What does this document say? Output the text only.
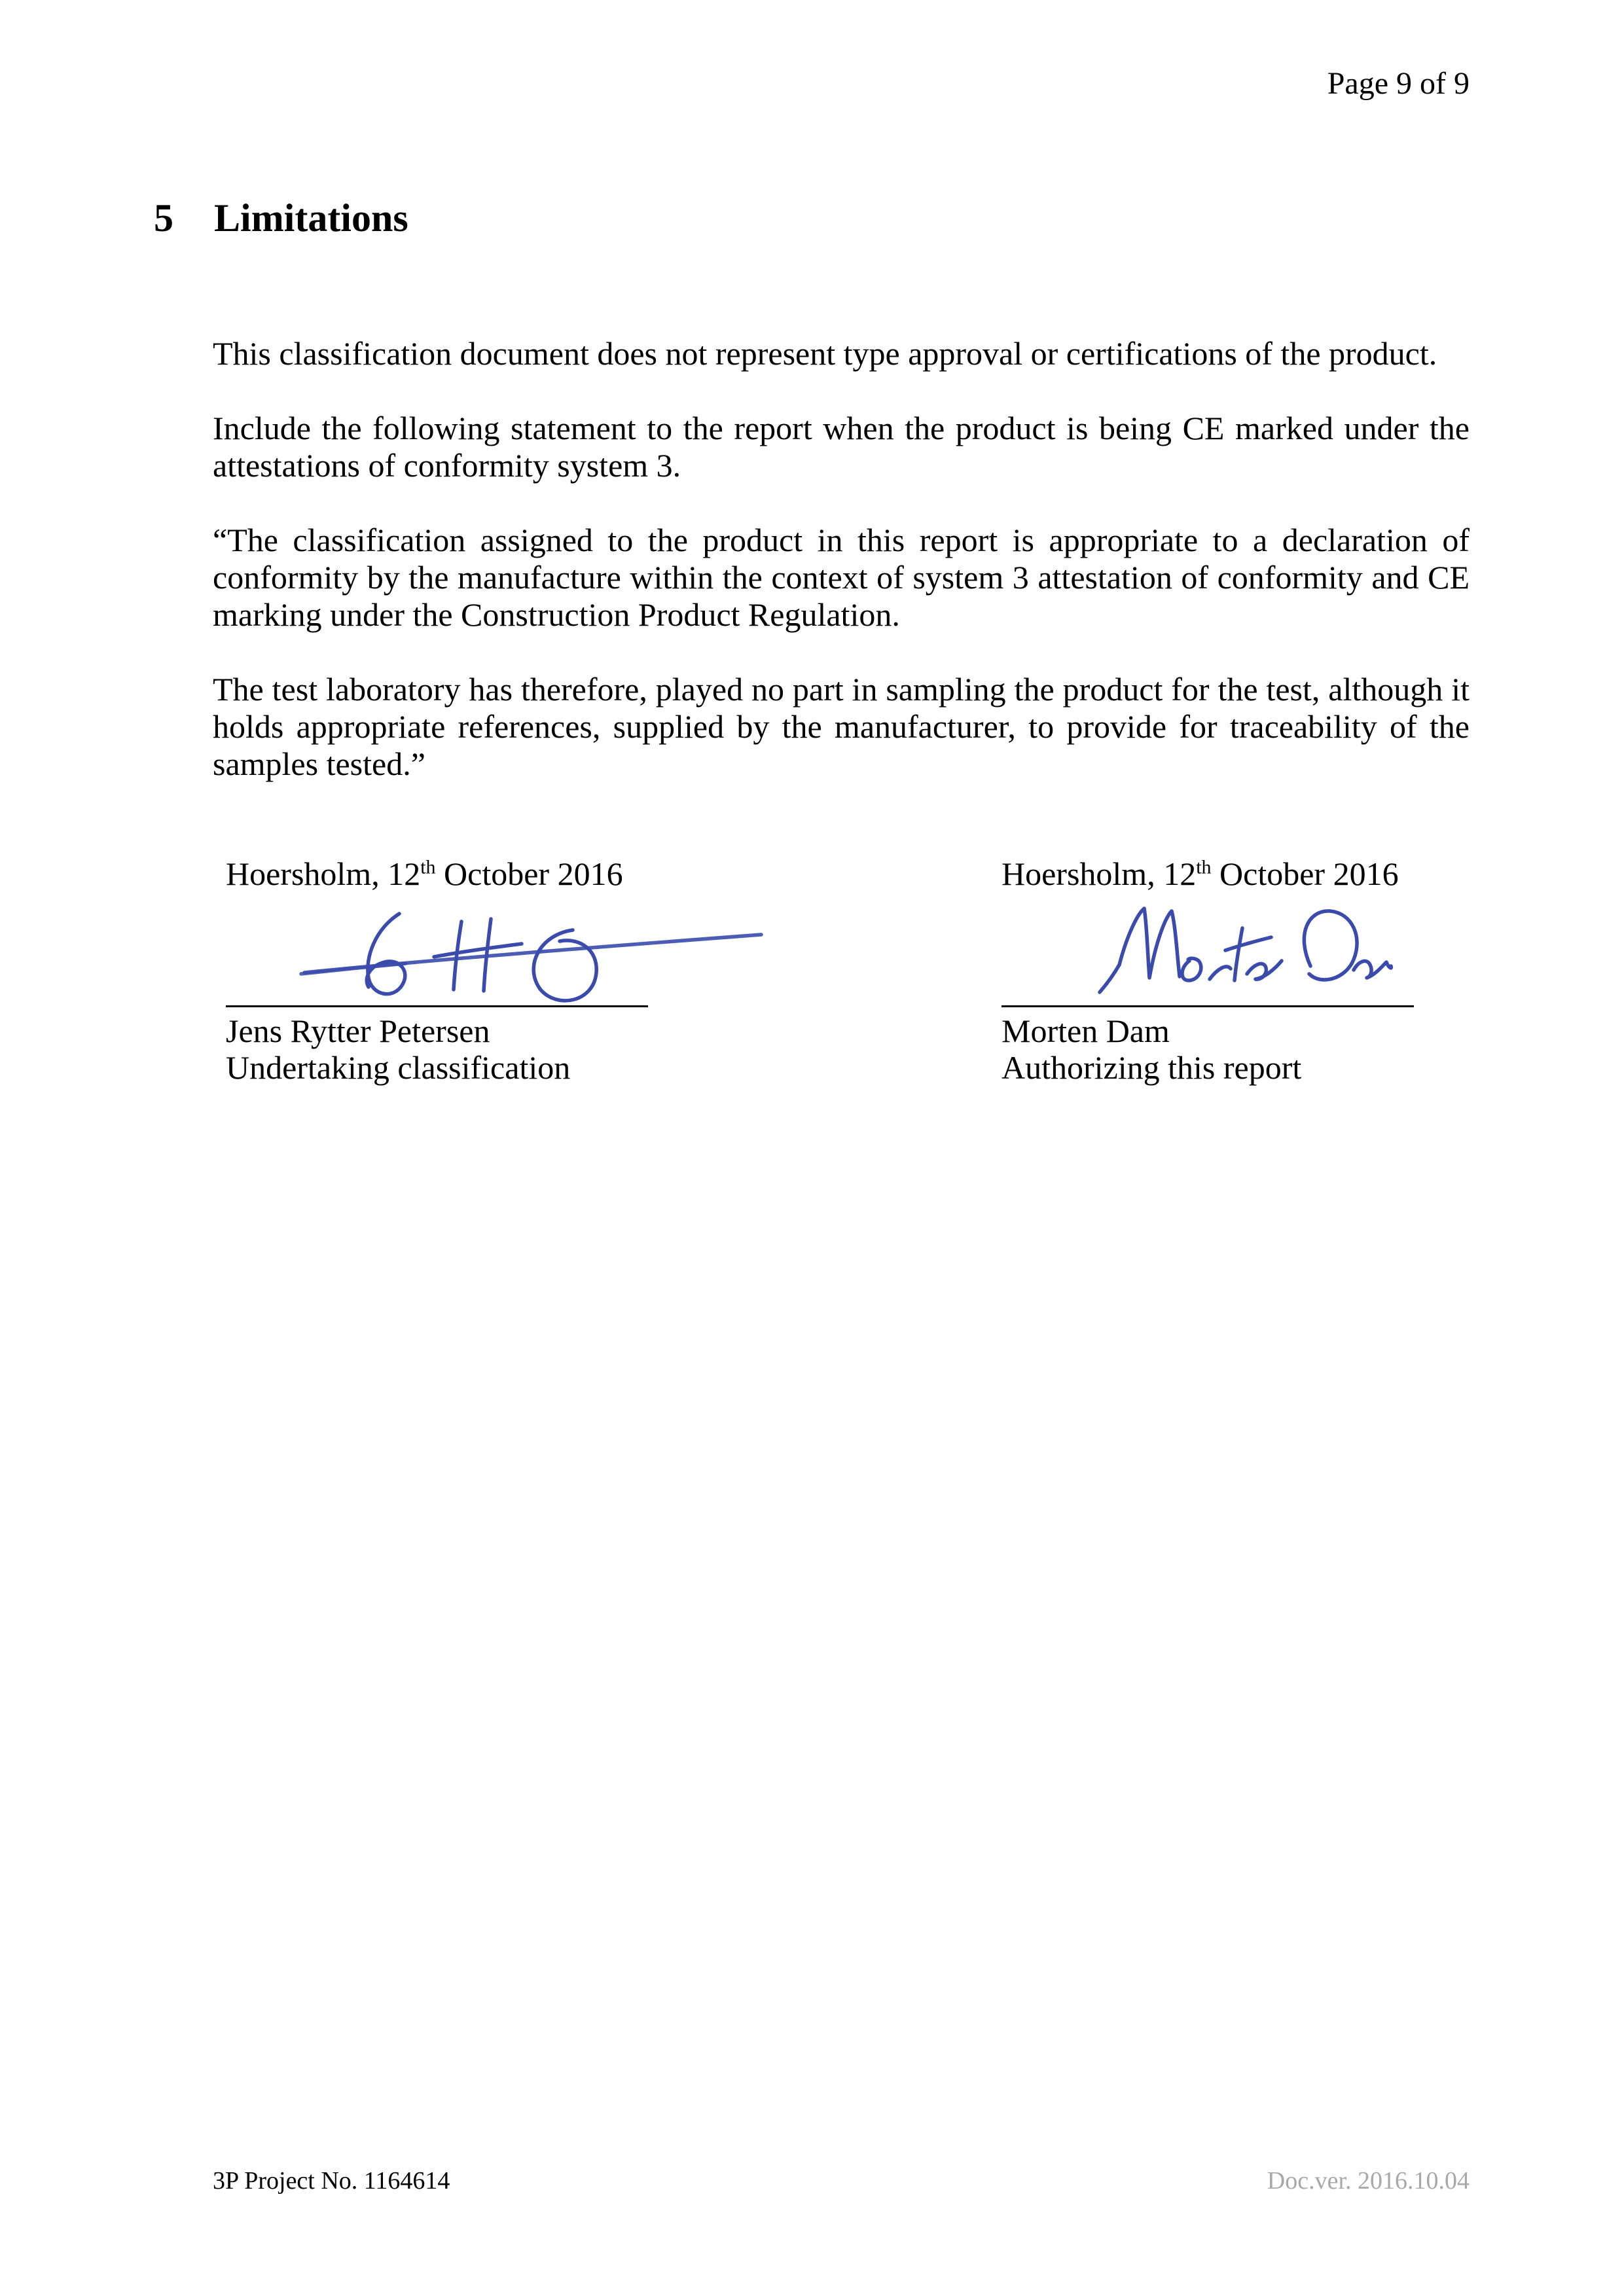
Page 9 of 9
5	Limitations

This classification document does not represent type approval or certifications of the product.

Include the following statement to the report when the product is being CE marked under the attestations of conformity system 3.

“The classification assigned to the product in this report is appropriate to a declaration of conformity by the manufacture within the context of system 3 attestation of conformity and CE marking under the Construction Product Regulation.

The test laboratory has therefore, played no part in sampling the product for the test, although it holds appropriate references, supplied by the manufacturer, to provide for traceability of the samples tested.”

Hoersholm, 12th October 2016
Jens Rytter Petersen
Undertaking classification
Hoersholm, 12th October 2016
Morten Dam
Authorizing this report
3P Project No. 1164614	Doc.ver. 2016.10.04
